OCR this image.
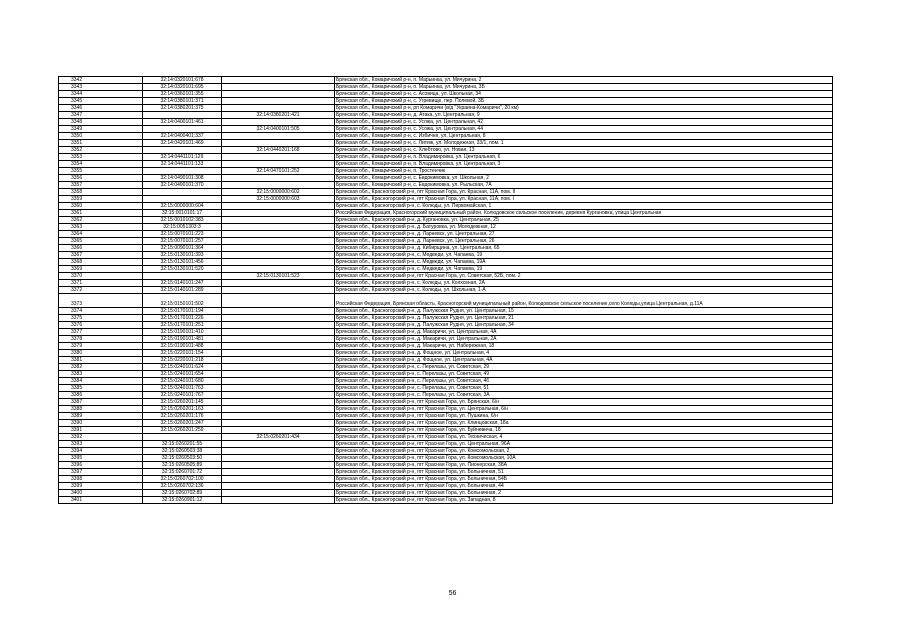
3342	32:14:0320101:678		Брянская обл., Комаричский р-н, п. Марьинка, ул. Мичурина, 2
3343	32:14:0320101:695		Брянская обл., Комаричский р-н, п. Марьинка, ул. Мичурина, 3Б
3344	32:14:0360101:355		Брянская обл., Комаричский р-н, с. Асовица, ул. Школьная, 34
3345	32:14:0380101:371		Брянская обл., Комаричский р-н, с. Угревище, пер. Полевой, 3Б
3346	32:14:0380201:375		Брянская обл., Комаричский р-н, рп Комаричи (в/д "Украина-Комаричи", 20 км)
3347		32:14:0380201:421	Брянская обл., Комаричский р-н, д. Атака, ул. Центральная, 9
3348	32:14:0400101:461		Брянская обл., Комаричский р-н, с. Усожа, ул. Центральная, 42
3349		32:14:0400101:505	Брянская обл., Комаричский р-н, с. Усожа, ул. Центральная, 44
3350	32:14:0400401:337		Брянская обл., Комаричский р-н, с. Избичня, ул. Центральная, 8
3351	32:14:0420101:469		Брянская обл., Комаричский р-н, с. Литиж, ул. Молодежная, 33/1, пом. 1
3352		32:14:0440201:168	Брянская обл., Комаричский р-н, с. Хлебтово, ул. Новая, 13
3353	32:14:0441101:129		Брянская обл., Комаричский р-н, п. Владимировка, ул. Центральная, 6
3354	32:14:0441101:133		Брянская обл., Комаричский р-н, п. Владимировка, ул. Центральная, 3
3355		32:14:0470101:252	Брянская обл., Комаричский р-н, п. Тростенчик
3356	32:14:0490101:308		Брянская обл., Комаричский р-н, с. Евдокимовка, ул. Школьная, 2
3357	32:14:0490101:370		Брянская обл., Комаричский р-н, с. Евдокимовка, ул. Рыльская, 7А
3358		32:15:0000000:602	Брянская обл., Красногорский р-н, пгт Красная Гора, ул. Красная, 11А, пом. II
3359		32:15:0000000:603	Брянская обл., Красногорский р-н, пгт Красная Гора, ул. Красная, 11А, пом. I
3360	32:15:0000000:604		Брянская обл., Красногорский р-н, с. Колюды, ул. Первомайская, 1
3361	32:15:0010101:17		Российская Федерация, Красногорский муниципальный район, Колюдовское сельское поселение, деревня Кургановка, улица Центральная
3362	32:15:0010102:383		Брянская обл., Красногорский р-н, д. Кургановка, ул. Центральная, 25
3363	32:15:0051303:3		Брянская обл., Красногорский р-н, д. Батуровка, ул. Молодежная, 12
3364	32:15:0070101:223		Брянская обл., Красногорский р-н, д. Ларневск, ул. Центральная, 27
3365	32:15:0070101:257		Брянская обл., Красногорский р-н, д. Ларневск, ул. Центральная, 26
3366	32:15:0090101:364		Брянская обл., Красногорский р-н, д. Кибирщина, ул. Центральная, 65
3367	32:15:0130101:393		Брянская обл., Красногорский р-н, с. Медведи, ул. Чапаева, 19
3368	32:15:0130101:456		Брянская обл., Красногорский р-н, с. Медведи, ул. Чапаева, 19А
3369	32:15:0130101:520		Брянская обл., Красногорский р-н, с. Медведи, ул. Чапаева, 19
3370		32:15:0130101:523	Брянская обл., Красногорский р-н, пгт Красная Гора, ул. Советская, 52Б, пом. 2
3371	32:15:0140101:247		Брянская обл., Красногорский р-н, с. Колюды, ул. Колхозная, 2А
3372	32:15:0140101:289		Брянская обл., Красногорский р-н, с. Колюды, ул. Школьная, 1-А
3373	32:15:0150101:502		Российская Федерация, Брянская область, Красногорский муниципальный район, Колюдовское сельское поселение,село Колюды,улица Центральная, д.11А
3374	32:15:0170101:194		Брянская обл., Красногорский р-н, д. Палужская Рудня, ул. Центральная, 15
3375	32:15:0170101:226		Брянская обл., Красногорский р-н, д. Палужская Рудня, ул. Центральная, 21
3376	32:15:0170101:251		Брянская обл., Красногорский р-н, д. Палужская Рудня, ул. Центральная, 34
3377	32:15:0190101:410		Брянская обл., Красногорский р-н, д. Макаричи, ул. Центральная, 4А
3378	32:15:0190101:481		Брянская обл., Красногорский р-н, д. Макаричи, ул. Центральная, 2А
3379	32:15:0190101:488		Брянская обл., Красногорский р-н, д. Макаричи, ул. Набережная, 18
3380	32:15:0220101:154		Брянская обл., Красногорский р-н, д. Фощное, ул. Центральная, 4
3381	32:15:0220101:218		Брянская обл., Красногорский р-н, д. Фощное, ул. Центральная, 4А
3382	32:15:0240101:624		Брянская обл., Красногорский р-н, с. Перелазы, ул. Советская, 29
3383	32:15:0240101:654		Брянская обл., Красногорский р-н, с. Перелазы, ул. Советская, 49
3384	32:15:0240101:680		Брянская обл., Красногорский р-н, с. Перелазы, ул. Советская, 46
3385	32:15:0240101:763		Брянская обл., Красногорский р-н, с. Перелазы, ул. Советская, 51
3386	32:15:0240101:767		Брянская обл., Красногорский р-н, с. Перелазы, ул. Советская, 3А
3387	32:15:0260201:145		Брянская обл., Красногорский р-н, пгт Красная Гора, ул. Брянская, 6/н
3388	32:15:0260201:163		Брянская обл., Красногорский р-н, пгт Красная Гора, ул. Центральная, 6/н
3389	32:15:0260201:176		Брянская обл., Красногорский р-н, пгт Красная Гора, ул. Пушкина, 6/н
3390	32:15:0260201:247		Брянская обл., Красногорский р-н, пгт Красная Гора, ул. Клинцовская, 18а
3391	32:15:0260201:259		Брянская обл., Красногорский р-н, пгт Красная Гора, ул. Буйневича, 18
3392		32:15:0260201:434	Брянская обл., Красногорский р-н, пгт Красная Гора, ул. Техническая, 4
3393	32:15:0260201:55		Брянская обл., Красногорский р-н, пгт Красная Гора, ул. Центральная, 96А
3394	32:15:0260503:38		Брянская обл., Красногорский р-н, пгт Красная Гора, ул. Комсомольская, 2
3395	32:15:0260503:50		Брянская обл., Красногорский р-н, пгт Красная Гора, ул. Комсомольская, 10А
3396	32:15:0260505:89		Брянская обл., Красногорский р-н, пгт Красная Гора, ул. Пионерская, 38А
3397	32:15:0260701:72		Брянская обл., Красногорский р-н, пгт Красная Гора, ул. Больничная, 51
3398	32:15:0260702:100		Брянская обл., Красногорский р-н, пгт Красная Гора, ул. Больничная, 54Б
3399	32:15:0260702:136		Брянская обл., Красногорский р-н, пгт Красная Гора, ул. Больничная, 44
3400	32:15:0260702:89		Брянская обл., Красногорский р-н, пгт Красная Гора, ул. Больничная, 2
3401	32:15:0260901:12		Брянская обл., Красногорский р-н, пгт Красная Гора, ул. Западная, 8
56
